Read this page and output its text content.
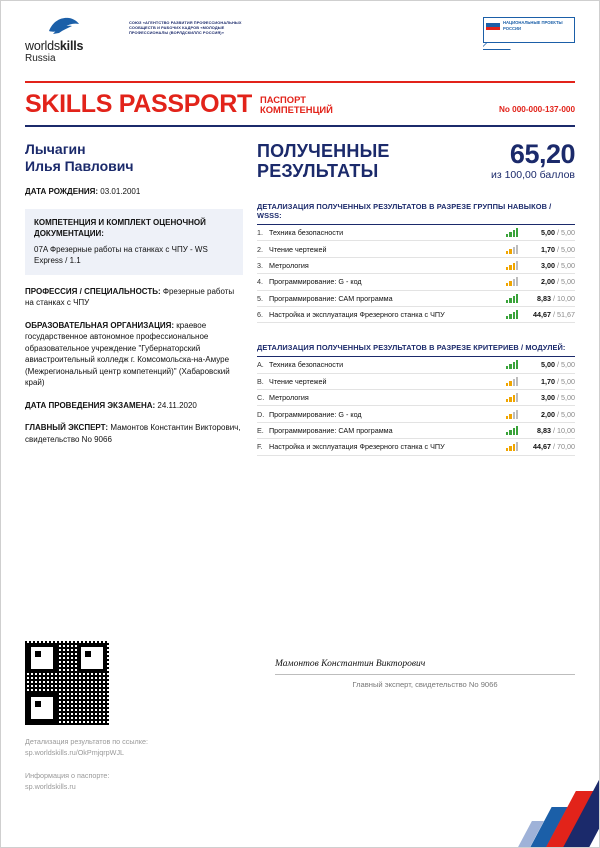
worldskills
Russia
СОЮЗ «АГЕНТСТВО РАЗВИТИЯ ПРОФЕССИОНАЛЬНЫХ СООБЩЕСТВ И РАБОЧИХ КАДРОВ «МОЛОДЫЕ ПРОФЕССИОНАЛЫ (ВОРЛДСКИЛЛС РОССИЯ)»
НАЦИОНАЛЬНЫЕ ПРОЕКТЫ РОССИИ
SKILLS PASSPORT ПАСПОРТ
КОМПЕТЕНЦИЙ	No 000-000-137-000
Лычагин
Илья Павлович
ДАТА РОЖДЕНИЯ: 03.01.2001
КОМПЕТЕНЦИЯ И КОМПЛЕКТ ОЦЕНОЧНОЙ ДОКУМЕНТАЦИИ:
07A Фрезерные работы на станках с ЧПУ - WS Express / 1.1
ПРОФЕССИЯ / СПЕЦИАЛЬНОСТЬ: Фрезерные работы на станках с ЧПУ
ОБРАЗОВАТЕЛЬНАЯ ОРГАНИЗАЦИЯ: краевое государственное автономное профессиональное образовательное учреждение "Губернаторский авиастроительный колледж г. Комсомольска-на-Амуре (Межрегиональный центр компетенций)" (Хабаровский край)
ДАТА ПРОВЕДЕНИЯ ЭКЗАМЕНА: 24.11.2020
ГЛАВНЫЙ ЭКСПЕРТ: Мамонтов Константин Викторович, свидетельство No 9066
ПОЛУЧЕННЫЕ
РЕЗУЛЬТАТЫ
65,20
из 100,00 баллов
ДЕТАЛИЗАЦИЯ ПОЛУЧЕННЫХ РЕЗУЛЬТАТОВ В РАЗРЕЗЕ ГРУППЫ НАВЫКОВ / WSSS:
1.	Техника безопасности		5,00 / 5,00
2.	Чтение чертежей		1,70 / 5,00
3.	Метрология		3,00 / 5,00
4.	Программирование: G - код		2,00 / 5,00
5.	Программирование: САМ программа		8,83 / 10,00
6.	Настройка и эксплуатация Фрезерного станка с ЧПУ		44,67 / 51,67
ДЕТАЛИЗАЦИЯ ПОЛУЧЕННЫХ РЕЗУЛЬТАТОВ В РАЗРЕЗЕ КРИТЕРИЕВ / МОДУЛЕЙ:
A.	Техника безопасности		5,00 / 5,00
B.	Чтение чертежей		1,70 / 5,00
C.	Метрология		3,00 / 5,00
D.	Программирование: G - код		2,00 / 5,00
E.	Программирование: САМ программа		8,83 / 10,00
F.	Настройка и эксплуатация Фрезерного станка с ЧПУ		44,67 / 70,00
Мамонтов Константин Викторович
Главный эксперт, свидетельство No 9066
Детализация результатов по ссылке:
sp.worldskills.ru/OkPmjqrpWJL
Информация о паспорте:
sp.worldskills.ru
